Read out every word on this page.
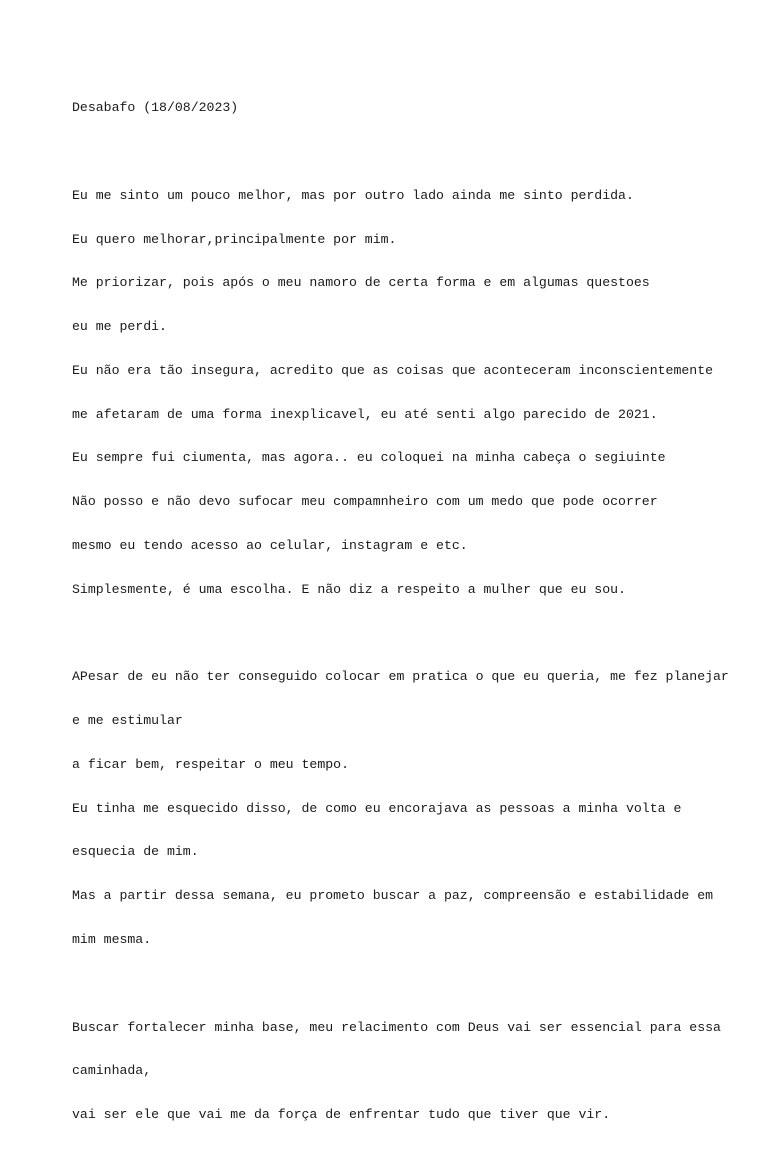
Desabafo (18/08/2023)

Eu me sinto um pouco melhor, mas por outro lado ainda me sinto perdida.

Eu quero melhorar,principalmente por mim.

Me priorizar, pois após o meu namoro de certa forma e em algumas questoes

eu me perdi.

Eu não era tão insegura, acredito que as coisas que aconteceram inconscientemente

me afetaram de uma forma inexplicavel, eu até senti algo parecido de 2021.

Eu sempre fui ciumenta, mas agora.. eu coloquei na minha cabeça o segiuinte

Não posso e não devo sufocar meu compamnheiro com um medo que pode ocorrer

mesmo eu tendo acesso ao celular, instagram e etc.

Simplesmente, é uma escolha. E não diz a respeito a mulher que eu sou.

APesar de eu não ter conseguido colocar em pratica o que eu queria, me fez planejar

e me estimular

a ficar bem, respeitar o meu tempo.

Eu tinha me esquecido disso, de como eu encorajava as pessoas a minha volta e

esquecia de mim.

Mas a partir dessa semana, eu prometo buscar a paz, compreensão e estabilidade em

mim mesma.

Buscar fortalecer minha base, meu relacimento com Deus vai ser essencial para essa

caminhada,

vai ser ele que vai me da força de enfrentar tudo que tiver que vir.
